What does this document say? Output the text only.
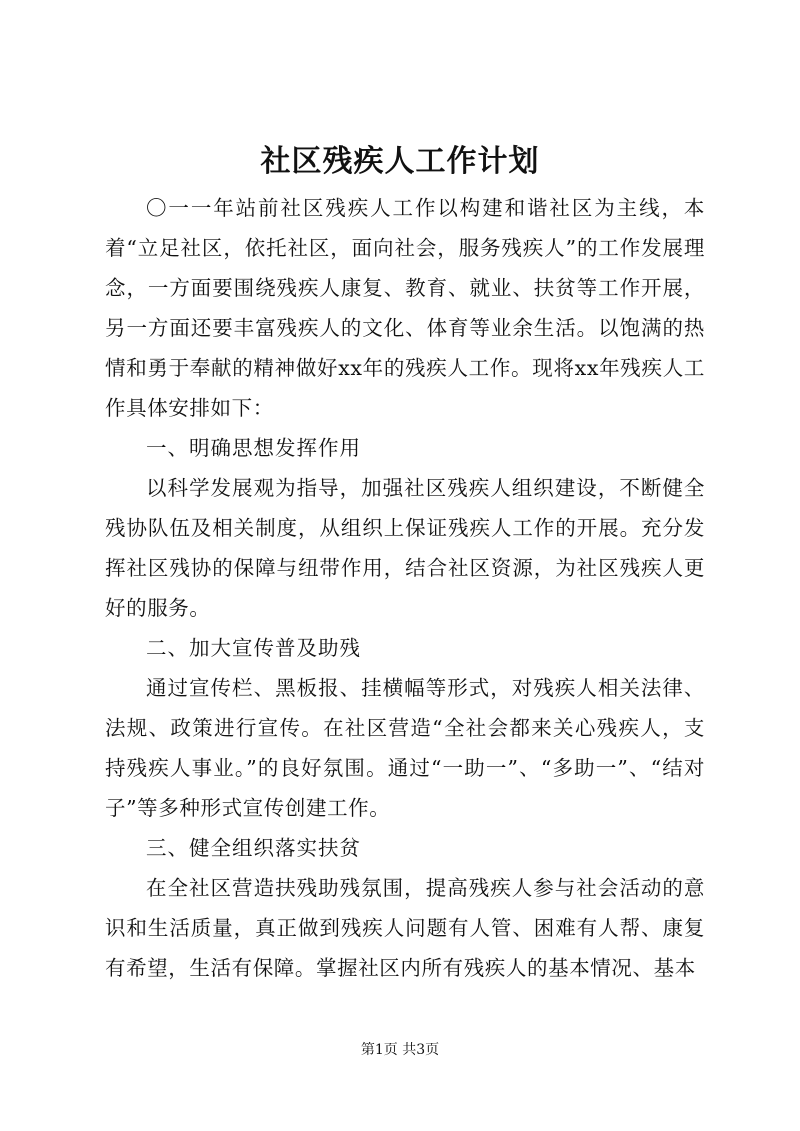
社区残疾人工作计划

〇一一年站前社区残疾人工作以构建和谐社区为主线，本着“立足社区，依托社区，面向社会，服务残疾人”的工作发展理念，一方面要围绕残疾人康复、教育、就业、扶贫等工作开展，另一方面还要丰富残疾人的文化、体育等业余生活。以饱满的热情和勇于奉献的精神做好xx年的残疾人工作。现将xx年残疾人工作具体安排如下：

一、明确思想发挥作用

以科学发展观为指导，加强社区残疾人组织建设，不断健全残协队伍及相关制度，从组织上保证残疾人工作的开展。充分发挥社区残协的保障与纽带作用，结合社区资源，为社区残疾人更好的服务。

二、加大宣传普及助残

通过宣传栏、黑板报、挂横幅等形式，对残疾人相关法律、法规、政策进行宣传。在社区营造“全社会都来关心残疾人，支持残疾人事业。”的良好氛围。通过“一助一”、“多助一”、“结对子”等多种形式宣传创建工作。

三、健全组织落实扶贫

在全社区营造扶残助残氛围，提高残疾人参与社会活动的意识和生活质量，真正做到残疾人问题有人管、困难有人帮、康复有希望，生活有保障。掌握社区内所有残疾人的基本情况、基本

第1页 共3页
